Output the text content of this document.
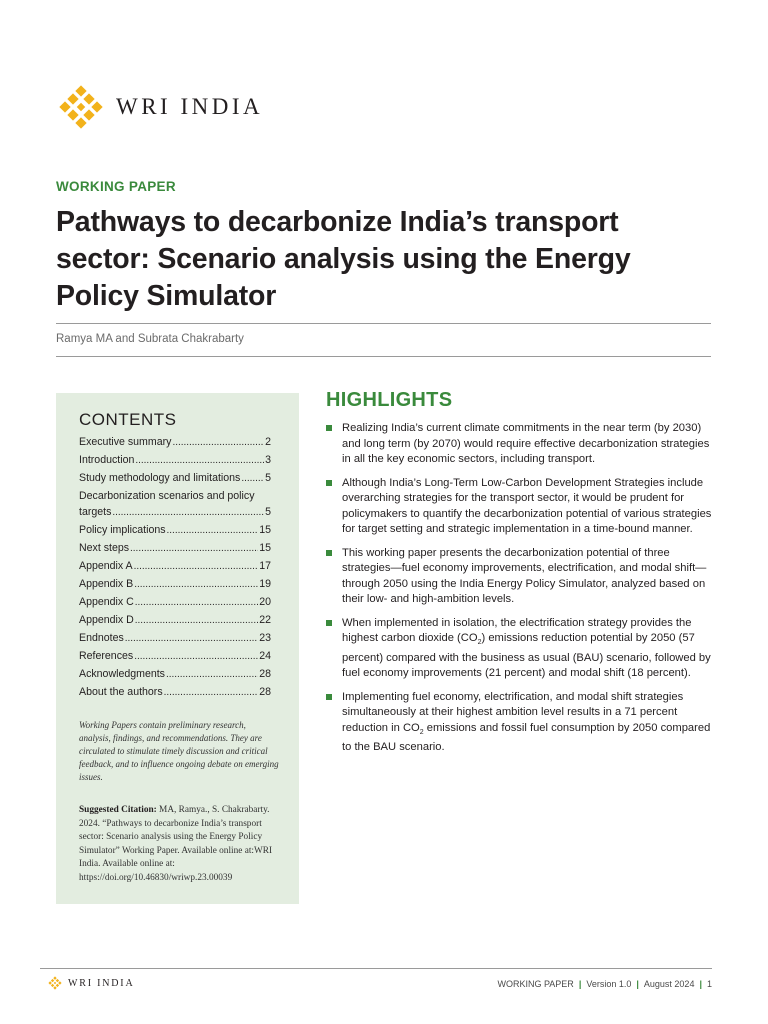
WRI INDIA
WORKING PAPER
Pathways to decarbonize India’s transport sector: Scenario analysis using the Energy Policy Simulator
Ramya MA and Subrata Chakrabarty
CONTENTS
Executive summary . . .	2
Introduction . . .	3
Study methodology and limitations . . . 5
Decarbonization scenarios and policy
targets . . .	5
Policy implications . . .	15
Next steps . . .	15
Appendix A . . .	17
Appendix B . . .	19
Appendix C . . .	20
Appendix D . . .	22
Endnotes . . .	23
References . . .	24
Acknowledgments . . .	28
About the authors . . .	28
Working Papers contain preliminary research, analysis, findings, and recommendations. They are circulated to stimulate timely discussion and critical feedback, and to influence ongoing debate on emerging issues.
Suggested Citation: MA, Ramya., S. Chakrabarty. 2024. “Pathways to decarbonize India’s transport sector: Scenario analysis using the Energy Policy Simulator” Working Paper. Available online at:WRI India. Available online at: https://doi.org/10.46830/wriwp.23.00039
HIGHLIGHTS
Realizing India’s current climate commitments in the near term (by 2030) and long term (by 2070) would require effective decarbonization strategies in all the key economic sectors, including transport.
Although India’s Long-Term Low-Carbon Development Strategies include overarching strategies for the transport sector, it would be prudent for policymakers to quantify the decarbonization potential of various strategies for target setting and strategic implementation in a time-bound manner.
This working paper presents the decarbonization potential of three strategies—fuel economy improvements, electrification, and modal shift—through 2050 using the India Energy Policy Simulator, analyzed based on their low- and high-ambition levels.
When implemented in isolation, the electrification strategy provides the highest carbon dioxide $(CO_2)$ emissions reduction potential by 2050 (57 percent) compared with the business as usual (BAU) scenario, followed by fuel economy improvements (21 percent) and modal shift (18 percent).
Implementing fuel economy, electrification, and modal shift strategies simultaneously at their highest ambition level results in a 71 percent reduction in $CO_2$ emissions and fossil fuel consumption by 2050 compared to the BAU scenario.
WRI INDIA	WORKING PAPER | Version 1.0 | August 2024 | 1
